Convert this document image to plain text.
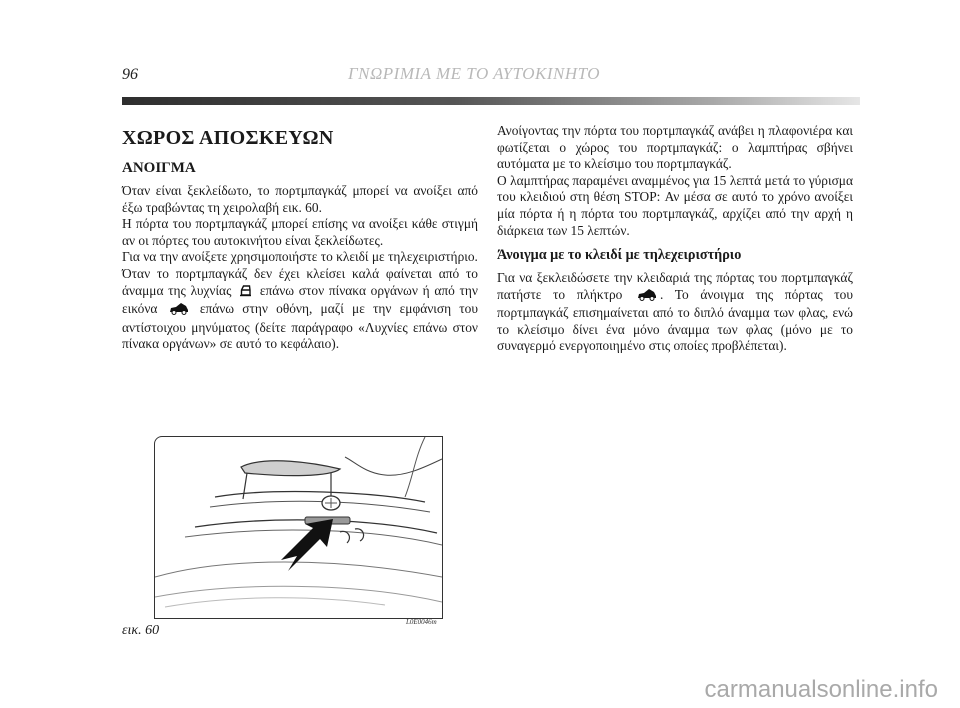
96	ΓΝΩΡΙΜΙΑ ΜΕ ΤΟ ΑΥΤΟΚΙΝΗΤΟ
ΧΩΡΟΣ ΑΠΟΣΚΕΥΩΝ
ΑΝΟΙΓΜΑ

Όταν είναι ξεκλείδωτο, το πορτμπαγκάζ μπορεί να ανοίξει από έξω τραβώντας τη χειρολαβή εικ. 60.

Η πόρτα του πορτμπαγκάζ μπορεί επίσης να ανοίξει κάθε στιγμή αν οι πόρτες του αυτοκινήτου είναι ξεκλείδωτες.

Για να την ανοίξετε χρησιμοποιήστε το κλειδί με τηλεχειριστήριο.

Όταν το πορτμπαγκάζ δεν έχει κλείσει καλά φαίνεται από το άναμμα της λυχνίας επάνω στον πίνακα οργάνων ή από την εικόνα	επάνω στην οθόνη, μαζί με την εμφάνιση του αντίστοιχου μηνύματος (δείτε παράγραφο «Λυχνίες επάνω στον πίνακα οργάνων» σε αυτό το κεφάλαιο).

Ανοίγοντας την πόρτα του πορτμπαγκάζ ανάβει η πλαφονιέρα και φωτίζεται ο χώρος του πορτμπαγκάζ: ο λαμπτήρας σβήνει αυτόματα με το κλείσιμο του πορτμπαγκάζ.

Ο λαμπτήρας παραμένει αναμμένος για 15 λεπτά μετά το γύρισμα του κλειδιού στη θέση STOP: Αν μέσα σε αυτό το χρόνο ανοίξει μία πόρτα ή η πόρτα του πορτμπαγκάζ, αρχίζει από την αρχή η διάρκεια των 15 λεπτών.

Άνοιγμα με το κλειδί με τηλεχειριστήριο

Για να ξεκλειδώσετε την κλειδαριά της πόρτας του πορτμπαγκάζ πατήστε το πλήκτρο	. Το άνοιγμα της πόρτας του πορτμπαγκάζ επισημαίνεται από το διπλό άναμμα των φλας, ενώ το κλείσιμο δίνει ένα μόνο άναμμα των φλας (μόνο με το συναγερμό ενεργοποιημένο στις οποίες προβλέπεται).

εικ. 60
L0E0046m
carmanualsonline.info
